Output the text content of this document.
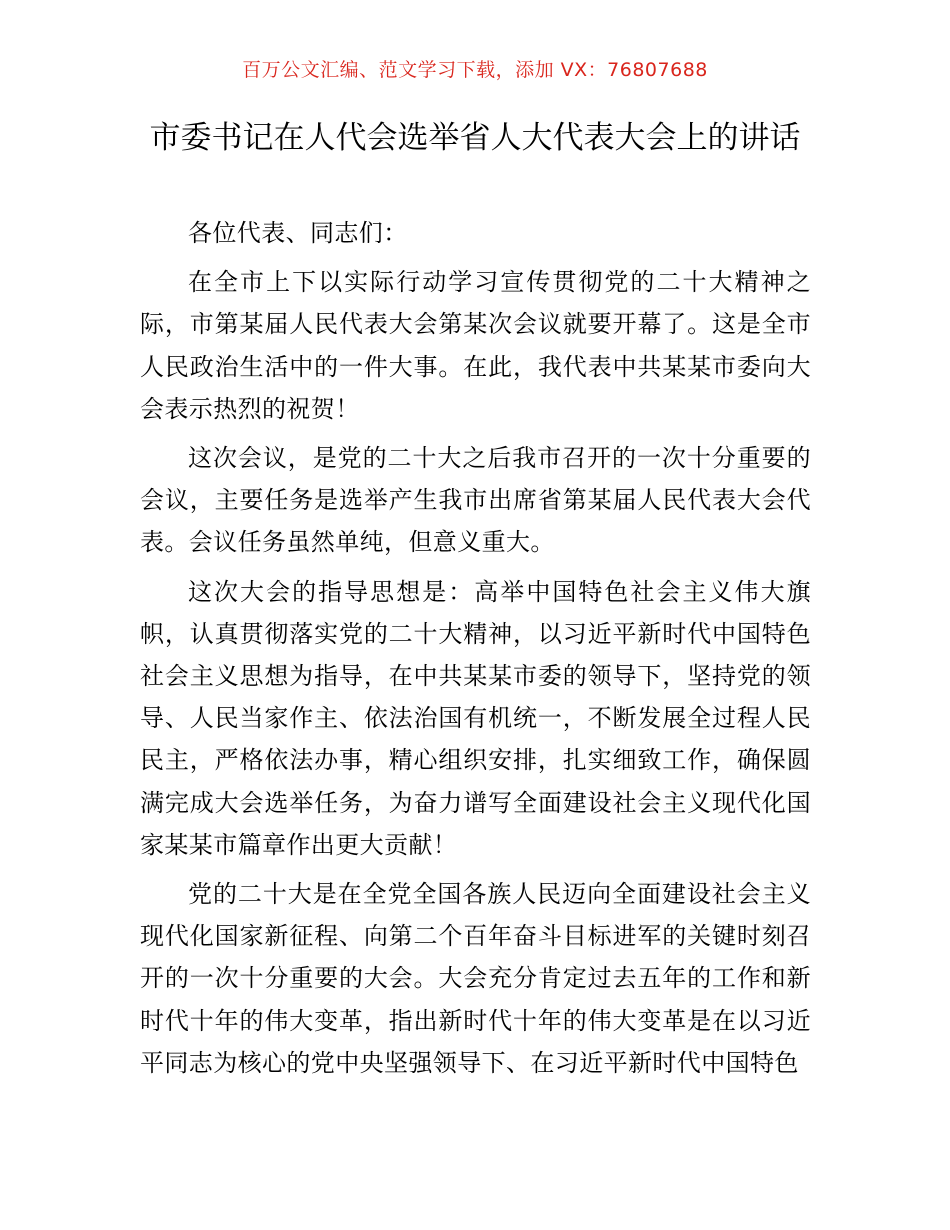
百万公文汇编、范文学习下载，添加 VX：76807688
市委书记在人代会选举省人大代表大会上的讲话

各位代表、同志们：

在全市上下以实际行动学习宣传贯彻党的二十大精神之际，市第某届人民代表大会第某次会议就要开幕了。这是全市人民政治生活中的一件大事。在此，我代表中共某某市委向大会表示热烈的祝贺！

这次会议，是党的二十大之后我市召开的一次十分重要的会议，主要任务是选举产生我市出席省第某届人民代表大会代表。会议任务虽然单纯，但意义重大。

这次大会的指导思想是：高举中国特色社会主义伟大旗帜，认真贯彻落实党的二十大精神，以习近平新时代中国特色社会主义思想为指导，在中共某某市委的领导下，坚持党的领导、人民当家作主、依法治国有机统一，不断发展全过程人民民主，严格依法办事，精心组织安排，扎实细致工作，确保圆满完成大会选举任务，为奋力谱写全面建设社会主义现代化国家某某市篇章作出更大贡献！

党的二十大是在全党全国各族人民迈向全面建设社会主义现代化国家新征程、向第二个百年奋斗目标进军的关键时刻召开的一次十分重要的大会。大会充分肯定过去五年的工作和新时代十年的伟大变革，指出新时代十年的伟大变革是在以习近平同志为核心的党中央坚强领导下、在习近平新时代中国特色
